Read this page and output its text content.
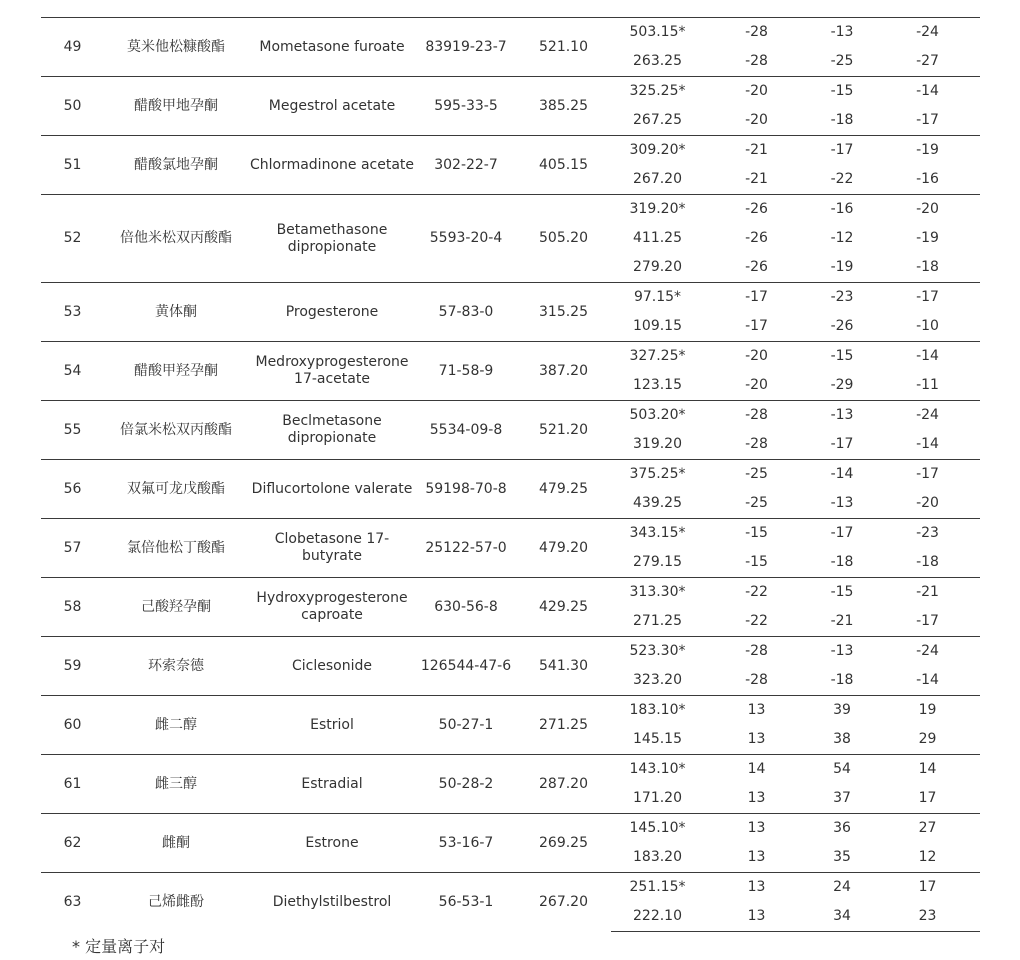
49	莫米他松糠酸酯	Mometasone furoate	83919-23-7	521.10	503.15*	-28	-13	-24
					263.25	-28	-25	-27
50	醋酸甲地孕酮	Megestrol acetate	595-33-5	385.25	325.25*	-20	-15	-14
					267.25	-20	-18	-17
51	醋酸氯地孕酮	Chlormadinone acetate	302-22-7	405.15	309.20*	-21	-17	-19
					267.20	-21	-22	-16
52	倍他米松双丙酸酯	Betamethasone dipropionate	5593-20-4	505.20	319.20*	-26	-16	-20
					411.25	-26	-12	-19
					279.20	-26	-19	-18
53	黄体酮	Progesterone	57-83-0	315.25	97.15*	-17	-23	-17
					109.15	-17	-26	-10
54	醋酸甲羟孕酮	Medroxyprogesterone 17-acetate	71-58-9	387.20	327.25*	-20	-15	-14
					123.15	-20	-29	-11
55	倍氯米松双丙酸酯	Beclmetasone dipropionate	5534-09-8	521.20	503.20*	-28	-13	-24
					319.20	-28	-17	-14
56	双氟可龙戊酸酯	Diflucortolone valerate	59198-70-8	479.25	375.25*	-25	-14	-17
					439.25	-25	-13	-20
57	氯倍他松丁酸酯	Clobetasone 17-butyrate	25122-57-0	479.20	343.15*	-15	-17	-23
					279.15	-15	-18	-18
58	己酸羟孕酮	Hydroxyprogesterone caproate	630-56-8	429.25	313.30*	-22	-15	-21
					271.25	-22	-21	-17
59	环索奈德	Ciclesonide	126544-47-6	541.30	523.30*	-28	-13	-24
					323.20	-28	-18	-14
60	雌二醇	Estriol	50-27-1	271.25	183.10*	13	39	19
					145.15	13	38	29
61	雌三醇	Estradial	50-28-2	287.20	143.10*	14	54	14
					171.20	13	37	17
62	雌酮	Estrone	53-16-7	269.25	145.10*	13	36	27
					183.20	13	35	12
63	己烯雌酚	Diethylstilbestrol	56-53-1	267.20	251.15*	13	24	17
					222.10	13	34	23
* 定量离子对
